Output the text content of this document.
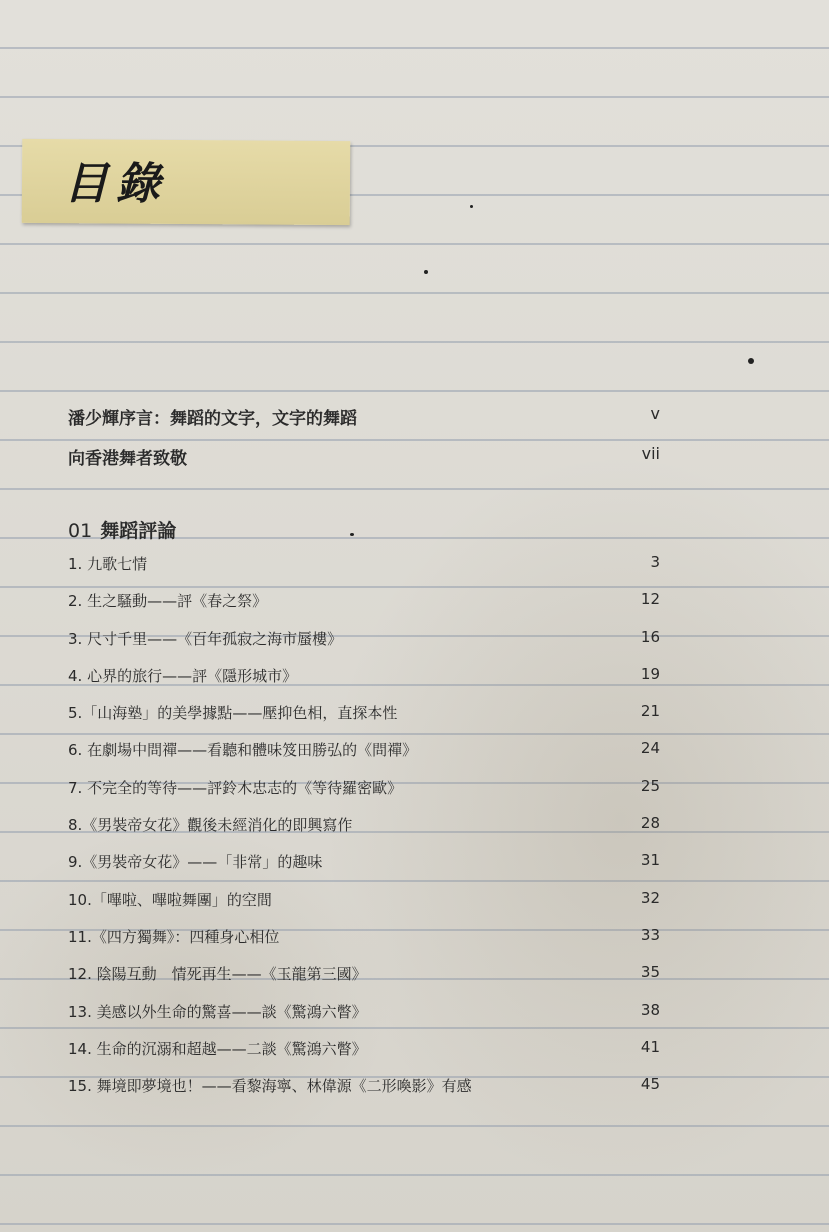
目錄
潘少輝序言：舞蹈的文字，文字的舞蹈	v
向香港舞者致敬	vii
01 舞蹈評論
1. 九歌七情	3
2. 生之騷動——評《春之祭》	12
3. 尺寸千里——《百年孤寂之海市蜃樓》	16
4. 心界的旅行——評《隱形城市》	19
5.「山海塾」的美學據點——壓抑色相，直探本性	21
6. 在劇場中問禪——看聽和體味笈田勝弘的《問禪》	24
7. 不完全的等待——評鈴木忠志的《等待羅密歐》	25
8.《男裝帝女花》觀後未經消化的即興寫作	28
9.《男裝帝女花》——「非常」的趣味	31
10.「嗶啦、嗶啦舞團」的空間	32
11.《四方獨舞》：四種身心相位	33
12. 陰陽互動　情死再生——《玉龍第三國》	35
13. 美感以外生命的驚喜——談《驚鴻六瞥》	38
14. 生命的沉溺和超越——二談《驚鴻六瞥》	41
15. 舞境即夢境也！——看黎海寧、林偉源《二形喚影》有感	45
